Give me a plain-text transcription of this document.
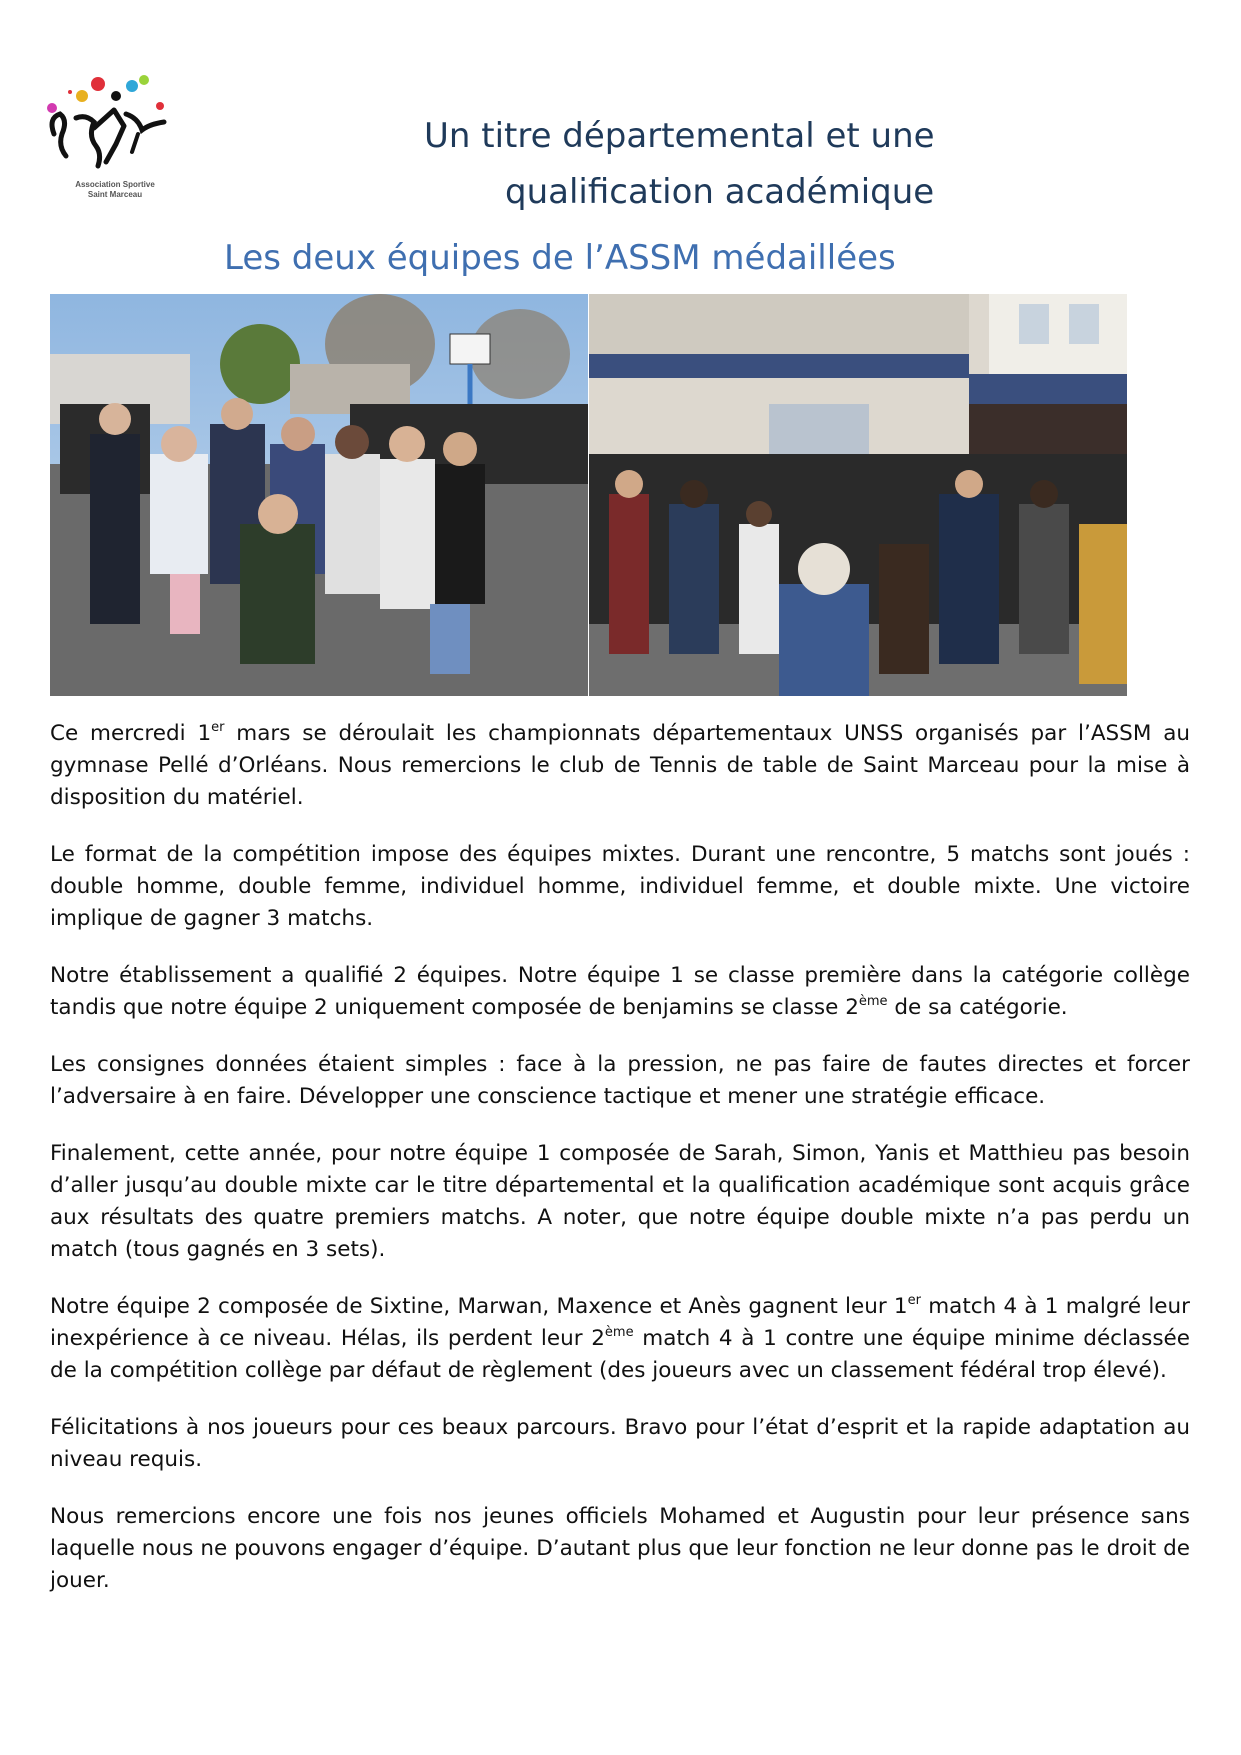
Association Sportive
Saint Marceau
Un titre départemental et une
qualification académique
Les deux équipes de l’ASSM médaillées

Ce mercredi 1er mars se déroulait les championnats départementaux UNSS organisés par l’ASSM au gymnase Pellé d’Orléans. Nous remercions le club de Tennis de table de Saint Marceau pour la mise à disposition du matériel.

Le format de la compétition impose des équipes mixtes. Durant une rencontre, 5 matchs sont joués : double homme, double femme, individuel homme, individuel femme, et double mixte. Une victoire implique de gagner 3 matchs.

Notre établissement a qualifié 2 équipes. Notre équipe 1 se classe première dans la catégorie collège tandis que notre équipe 2 uniquement composée de benjamins se classe 2ème de sa catégorie.

Les consignes données étaient simples : face à la pression, ne pas faire de fautes directes et forcer l’adversaire à en faire. Développer une conscience tactique et mener une stratégie efficace.

Finalement, cette année, pour notre équipe 1 composée de Sarah, Simon, Yanis et Matthieu pas besoin d’aller jusqu’au double mixte car le titre départemental et la qualification académique sont acquis grâce aux résultats des quatre premiers matchs. A noter, que notre équipe double mixte n’a pas perdu un match (tous gagnés en 3 sets).

Notre équipe 2 composée de Sixtine, Marwan, Maxence et Anès gagnent leur 1er match 4 à 1 malgré leur inexpérience à ce niveau. Hélas, ils perdent leur 2ème match 4 à 1 contre une équipe minime déclassée de la compétition collège par défaut de règlement (des joueurs avec un classement fédéral trop élevé).

Félicitations à nos joueurs pour ces beaux parcours. Bravo pour l’état d’esprit et la rapide adaptation au niveau requis.

Nous remercions encore une fois nos jeunes officiels Mohamed et Augustin pour leur présence sans laquelle nous ne pouvons engager d’équipe. D’autant plus que leur fonction ne leur donne pas le droit de jouer.
